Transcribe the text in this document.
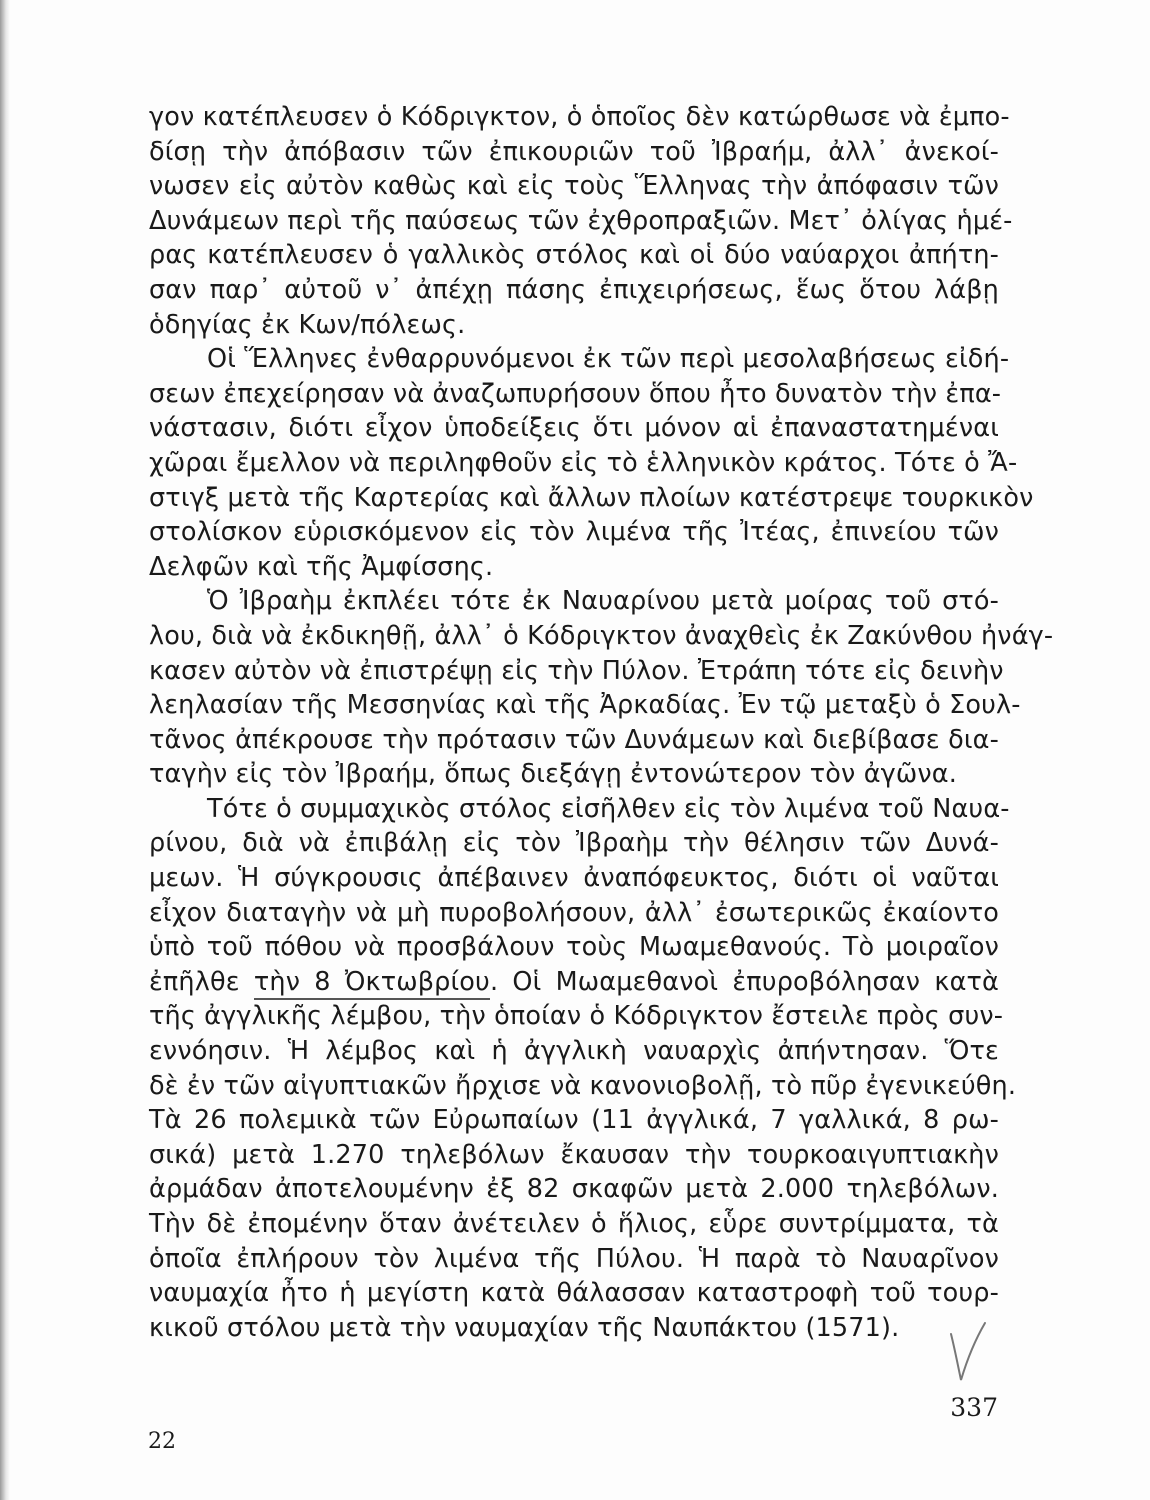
γον κατέπλευσεν ὁ Κόδριγκτον, ὁ ὁποῖος δὲν κατώρθωσε νὰ ἐμπο-
δίσῃ τὴν ἀπόβασιν τῶν ἐπικουριῶν τοῦ Ἰβραήμ, ἀλλ᾽ ἀνεκοί-
νωσεν εἰς αὐτὸν καθὼς καὶ εἰς τοὺς Ἕλληνας τὴν ἀπόφασιν τῶν
Δυνάμεων περὶ τῆς παύσεως τῶν ἐχθροπραξιῶν. Μετ᾽ ὀλίγας ἡμέ-
ρας κατέπλευσεν ὁ γαλλικὸς στόλος καὶ οἱ δύο ναύαρχοι ἀπήτη-
σαν παρ᾽ αὐτοῦ ν᾽ ἀπέχῃ πάσης ἐπιχειρήσεως, ἕως ὅτου λάβῃ
ὁδηγίας ἐκ Κων/πόλεως.
Οἱ Ἕλληνες ἐνθαρρυνόμενοι ἐκ τῶν περὶ μεσολαβήσεως εἰδή-
σεων ἐπεχείρησαν νὰ ἀναζωπυρήσουν ὅπου ἦτο δυνατὸν τὴν ἐπα-
νάστασιν, διότι εἶχον ὑποδείξεις ὅτι μόνον αἱ ἐπαναστατημέναι
χῶραι ἔμελλον νὰ περιληφθοῦν εἰς τὸ ἑλληνικὸν κράτος. Τότε ὁ Ἄ-
στιγξ μετὰ τῆς Καρτερίας καὶ ἄλλων πλοίων κατέστρεψε τουρκικὸν
στολίσκον εὑρισκόμενον εἰς τὸν λιμένα τῆς Ἰτέας, ἐπινείου τῶν
Δελφῶν καὶ τῆς Ἀμφίσσης.
Ὁ Ἰβραὴμ ἐκπλέει τότε ἐκ Ναυαρίνου μετὰ μοίρας τοῦ στό-
λου, διὰ νὰ ἐκδικηθῇ, ἀλλ᾽ ὁ Κόδριγκτον ἀναχθεὶς ἐκ Ζακύνθου ἠνάγ-
κασεν αὐτὸν νὰ ἐπιστρέψῃ εἰς τὴν Πύλον. Ἐτράπη τότε εἰς δεινὴν
λεηλασίαν τῆς Μεσσηνίας καὶ τῆς Ἀρκαδίας. Ἐν τῷ μεταξὺ ὁ Σουλ-
τᾶνος ἀπέκρουσε τὴν πρότασιν τῶν Δυνάμεων καὶ διεβίβασε δια-
ταγὴν εἰς τὸν Ἰβραήμ, ὅπως διεξάγῃ ἐντονώτερον τὸν ἀγῶνα.
Τότε ὁ συμμαχικὸς στόλος εἰσῆλθεν εἰς τὸν λιμένα τοῦ Ναυα-
ρίνου, διὰ νὰ ἐπιβάλῃ εἰς τὸν Ἰβραὴμ τὴν θέλησιν τῶν Δυνά-
μεων. Ἡ σύγκρουσις ἀπέβαινεν ἀναπόφευκτος, διότι οἱ ναῦται
εἶχον διαταγὴν νὰ μὴ πυροβολήσουν, ἀλλ᾽ ἐσωτερικῶς ἐκαίοντο
ὑπὸ τοῦ πόθου νὰ προσβάλουν τοὺς Μωαμεθανούς. Τὸ μοιραῖον
ἐπῆλθε τὴν 8 Ὀκτωβρίου. Οἱ Μωαμεθανοὶ ἐπυροβόλησαν κατὰ
τῆς ἀγγλικῆς λέμβου, τὴν ὁποίαν ὁ Κόδριγκτον ἔστειλε πρὸς συν-
εννόησιν. Ἡ λέμβος καὶ ἡ ἀγγλικὴ ναυαρχὶς ἀπήντησαν. Ὅτε
δὲ ἐν τῶν αἰγυπτιακῶν ἤρχισε νὰ κανονιοβολῇ, τὸ πῦρ ἐγενικεύθη.
Τὰ 26 πολεμικὰ τῶν Εὐρωπαίων (11 ἀγγλικά, 7 γαλλικά, 8 ρω-
σικά) μετὰ 1.270 τηλεβόλων ἔκαυσαν τὴν τουρκοαιγυπτιακὴν
ἀρμάδαν ἀποτελουμένην ἐξ 82 σκαφῶν μετὰ 2.000 τηλεβόλων.
Τὴν δὲ ἐπομένην ὅταν ἀνέτειλεν ὁ ἥλιος, εὗρε συντρίμματα, τὰ
ὁποῖα ἐπλήρουν τὸν λιμένα τῆς Πύλου. Ἡ παρὰ τὸ Ναυαρῖνον
ναυμαχία ἦτο ἡ μεγίστη κατὰ θάλασσαν καταστροφὴ τοῦ τουρ-
κικοῦ στόλου μετὰ τὴν ναυμαχίαν τῆς Ναυπάκτου (1571).
337
22
